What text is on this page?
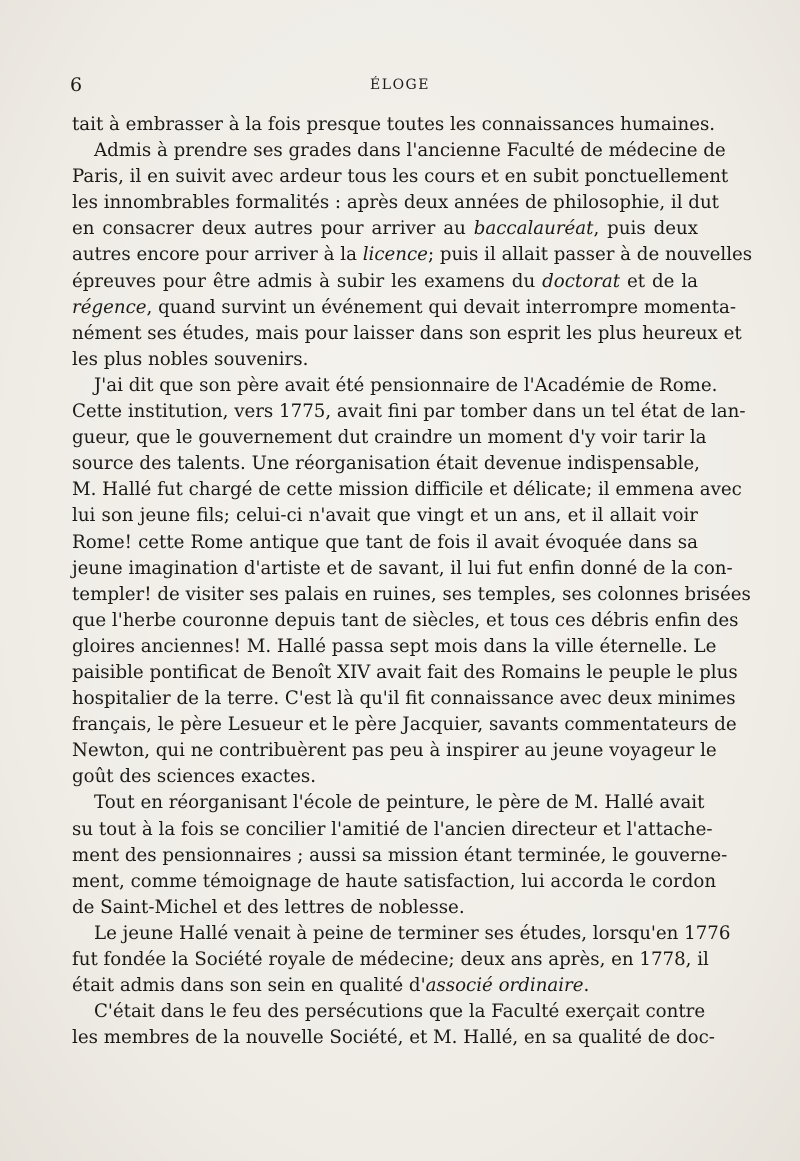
6	ÉLOGE
tait à embrasser à la fois presque toutes les connaissances humaines.
Admis à prendre ses grades dans l'ancienne Faculté de médecine de
Paris, il en suivit avec ardeur tous les cours et en subit ponctuellement
les innombrables formalités : après deux années de philosophie, il dut
en consacrer deux autres pour arriver au baccalauréat, puis deux
autres encore pour arriver à la licence; puis il allait passer à de nouvelles
épreuves pour être admis à subir les examens du doctorat et de la
régence, quand survint un événement qui devait interrompre momenta-
nément ses études, mais pour laisser dans son esprit les plus heureux et
les plus nobles souvenirs.
J'ai dit que son père avait été pensionnaire de l'Académie de Rome.
Cette institution, vers 1775, avait fini par tomber dans un tel état de lan-
gueur, que le gouvernement dut craindre un moment d'y voir tarir la
source des talents. Une réorganisation était devenue indispensable,
M. Hallé fut chargé de cette mission difficile et délicate; il emmena avec
lui son jeune fils; celui-ci n'avait que vingt et un ans, et il allait voir
Rome! cette Rome antique que tant de fois il avait évoquée dans sa
jeune imagination d'artiste et de savant, il lui fut enfin donné de la con-
templer! de visiter ses palais en ruines, ses temples, ses colonnes brisées
que l'herbe couronne depuis tant de siècles, et tous ces débris enfin des
gloires anciennes! M. Hallé passa sept mois dans la ville éternelle. Le
paisible pontificat de Benoît XIV avait fait des Romains le peuple le plus
hospitalier de la terre. C'est là qu'il fit connaissance avec deux minimes
français, le père Lesueur et le père Jacquier, savants commentateurs de
Newton, qui ne contribuèrent pas peu à inspirer au jeune voyageur le
goût des sciences exactes.
Tout en réorganisant l'école de peinture, le père de M. Hallé avait
su tout à la fois se concilier l'amitié de l'ancien directeur et l'attache-
ment des pensionnaires ; aussi sa mission étant terminée, le gouverne-
ment, comme témoignage de haute satisfaction, lui accorda le cordon
de Saint-Michel et des lettres de noblesse.
Le jeune Hallé venait à peine de terminer ses études, lorsqu'en 1776
fut fondée la Société royale de médecine; deux ans après, en 1778, il
était admis dans son sein en qualité d'associé ordinaire.
C'était dans le feu des persécutions que la Faculté exerçait contre
les membres de la nouvelle Société, et M. Hallé, en sa qualité de doc-
